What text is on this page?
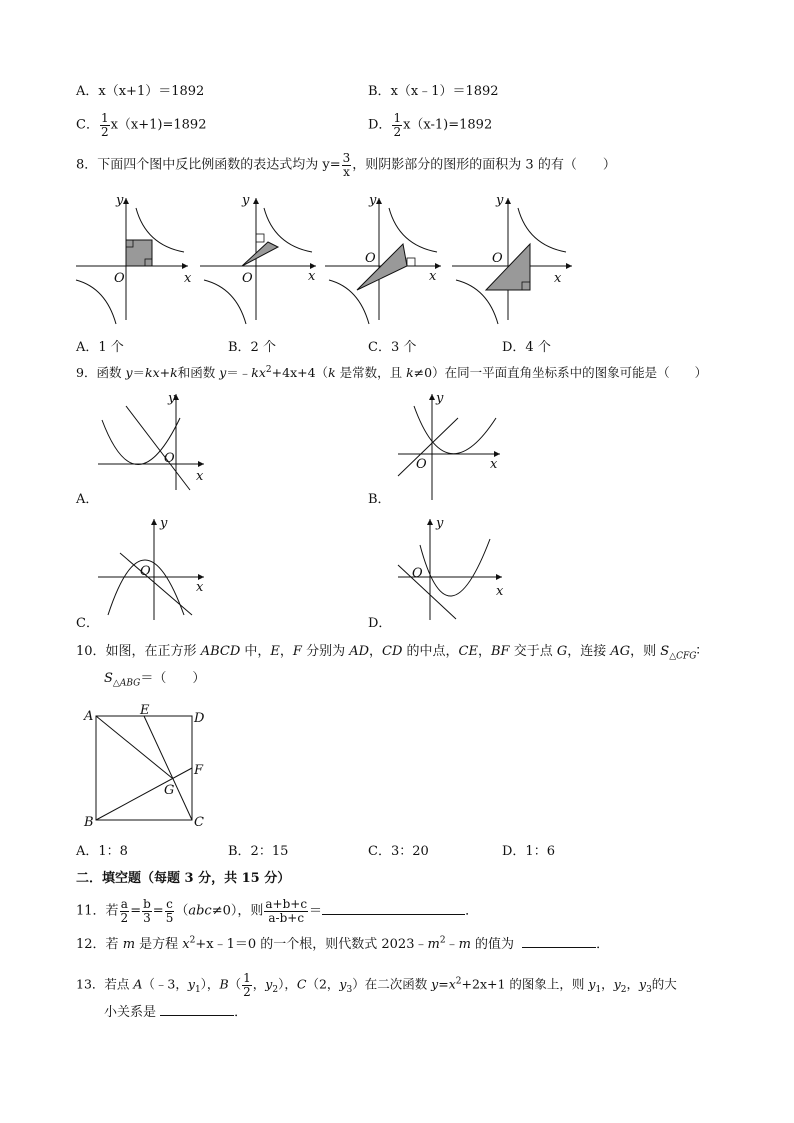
A．x（x+1）＝1892	B．x（x﹣1）＝1892
C． $\frac{1}{2} x(x+1)=1892$	D． $\frac{1}{2} x(x-1)=1892$
8．下面四个图中反比例函数的表达式均为 $y= \frac{3}{x}$ ，则阴影部分的图形的面积为 3 的有（　　）
y
x
O
y
x
O
y
x
O
y
x
O
A．1 个	B．2 个	C．3 个	D．4 个
9．函数 y＝kx+k和函数 $y=﹣kx^2+4x+4(k$ 是常数，且 k≠0）在同一平面直角坐标系中的图象可能是（　　）
y
x
O
A．
y
x
O
B．
y
x
O
C．
y
x
O
D．
10．如图，在正方形 ABCD 中，E，F 分别为 AD，CD 的中点，CE，BF 交于点 G，连接 AG，则 $S_{\triangle CFG}∶$
$S_{\triangle ABG}=$（　　）
A
B	C
D
E
F
G
A．1：8	B．2：15	C．3：20	D．1：6
二．填空题（每题 3 分，共 15 分）
11．若 $\frac{a}{2} = \frac{b}{3} = \frac{c}{5} (abc\ne 0)$，则 $\frac{a+b+c}{a-b+c}$ ＝	．
12．若 m 是方程 $x^2+x﹣1=0$ 的一个根，则代数式 $2023﹣m^2﹣m$ 的值为	．
13．若点 A（﹣3，$y_1$），$B( \frac{1}{2}$ ，$y_2$），C（2，$y_3$）在二次函数 $y=x^2+2x+1$ 的图象上，则 $y_1$，$y_2$，$y_3$的大
小关系是	．
